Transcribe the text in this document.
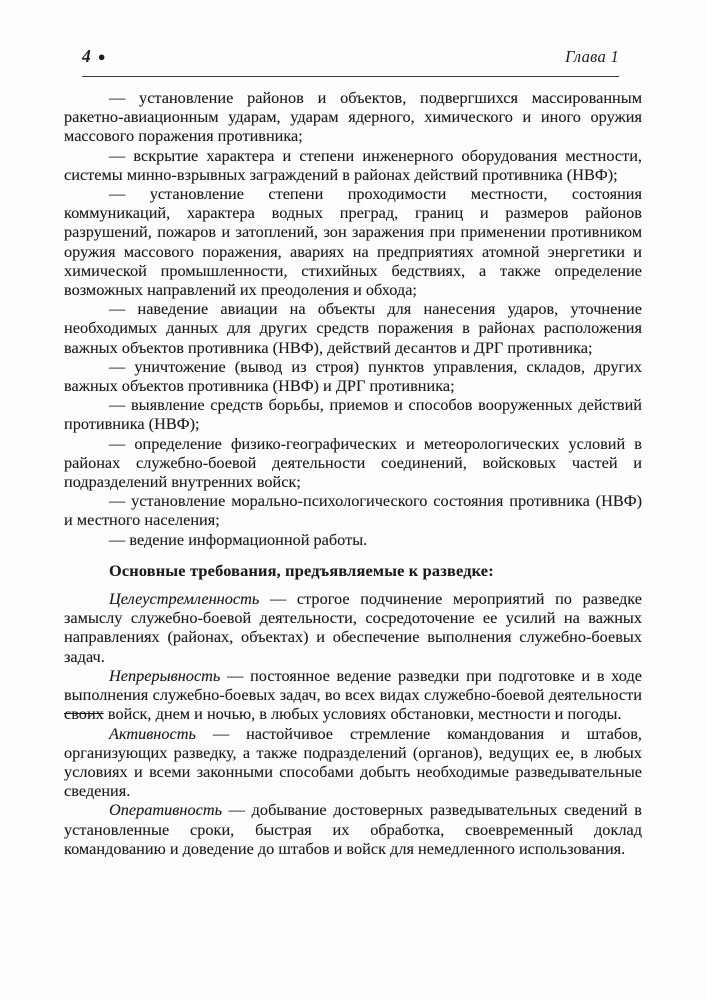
4 ●	Глава 1

— установление районов и объектов, подвергшихся массированным ракетно-авиационным ударам, ударам ядерного, химического и иного оружия массового поражения противника;

— вскрытие характера и степени инженерного оборудования местности, системы минно-взрывных заграждений в районах действий противника (НВФ);

— установление степени проходимости местности, состояния коммуникаций, характера водных преград, границ и размеров районов разрушений, пожаров и затоплений, зон заражения при применении противником оружия массового поражения, авариях на предприятиях атомной энергетики и химической промышленности, стихийных бедствиях, а также определение возможных направлений их преодоления и обхода;

— наведение авиации на объекты для нанесения ударов, уточнение необходимых данных для других средств поражения в районах расположения важных объектов противника (НВФ), действий десантов и ДРГ противника;

— уничтожение (вывод из строя) пунктов управления, складов, других важных объектов противника (НВФ) и ДРГ противника;

— выявление средств борьбы, приемов и способов вооруженных действий противника (НВФ);

— определение физико-географических и метеорологических условий в районах служебно-боевой деятельности соединений, войсковых частей и подразделений внутренних войск;

— установление морально-психологического состояния противника (НВФ) и местного населения;

— ведение информационной работы.

Основные требования, предъявляемые к разведке:

Целеустремленность — строгое подчинение мероприятий по разведке замыслу служебно-боевой деятельности, сосредоточение ее усилий на важных направлениях (районах, объектах) и обеспечение выполнения служебно-боевых задач.

Непрерывность — постоянное ведение разведки при подготовке и в ходе выполнения служебно-боевых задач, во всех видах служебно-боевой деятельности своих войск, днем и ночью, в любых условиях обстановки, местности и погоды.

Активность — настойчивое стремление командования и штабов, организующих разведку, а также подразделений (органов), ведущих ее, в любых условиях и всеми законными способами добыть необходимые разведывательные сведения.

Оперативность — добывание достоверных разведывательных сведений в установленные сроки, быстрая их обработка, своевременный доклад командованию и доведение до штабов и войск для немедленного использования.
